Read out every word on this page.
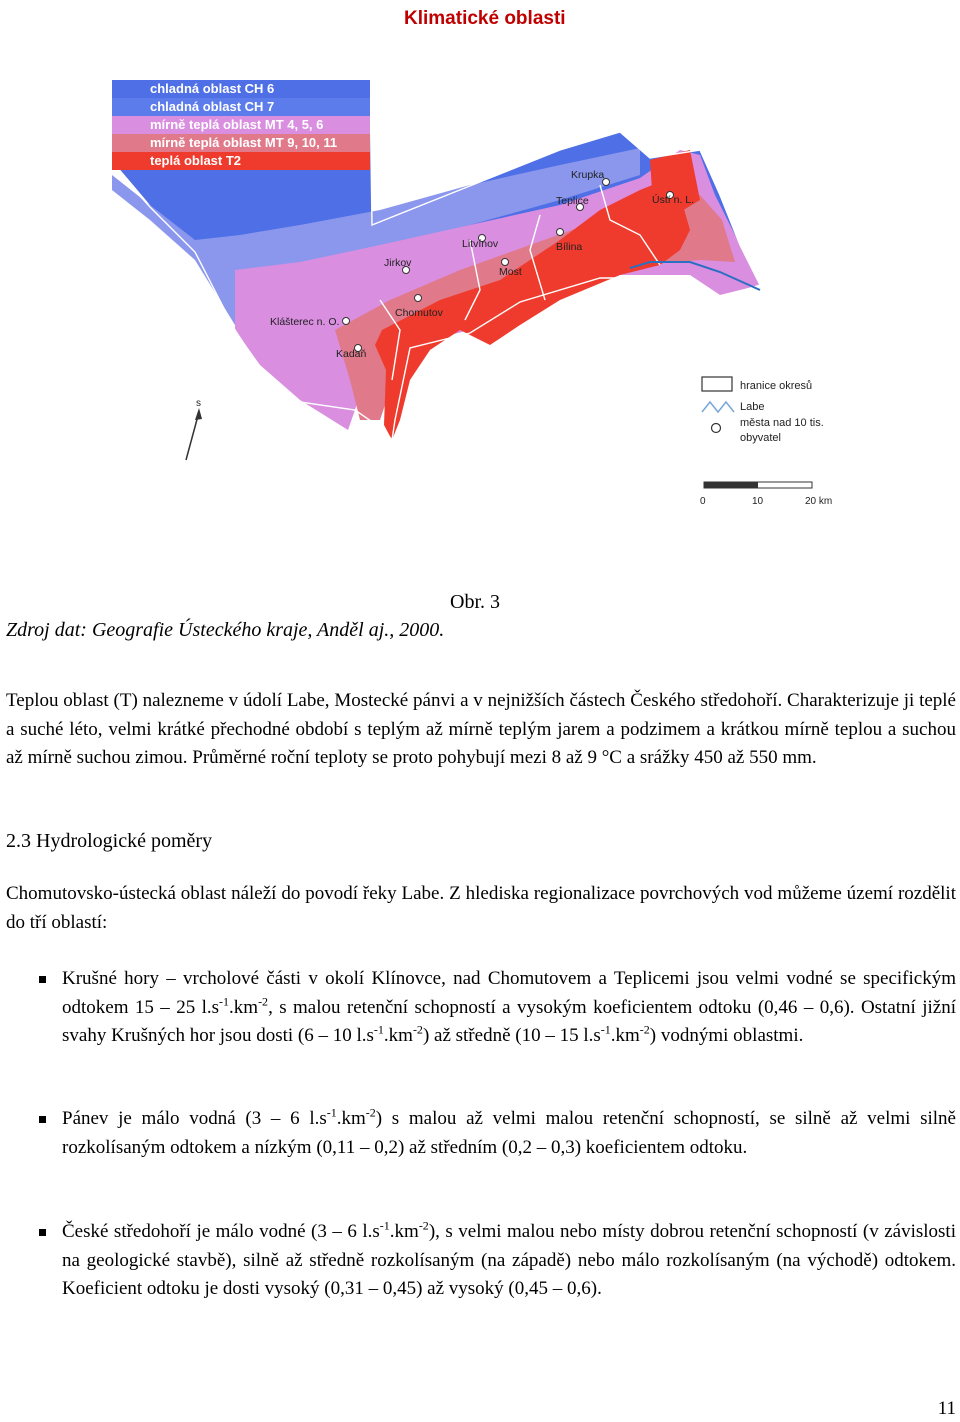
Klimatické oblasti
Krupka
Teplice	Ústí n. L.
Litvínov	Bílina
Jirkov
Most
Chomutov
Klášterec n. O.
Kadaň
chladná oblast CH 6
chladná oblast CH 7
mírně teplá oblast MT 4, 5, 6
mírně teplá oblast MT 9, 10, 11
teplá oblast T2
s
hranice okresů
Labe
města nad 10 tis.
obyvatel
0	10	20 km
Obr. 3
Zdroj dat: Geografie Ústeckého kraje, Anděl aj., 2000.

Teplou oblast (T) nalezneme v údolí Labe, Mostecké pánvi a v nejnižších částech Českého středohoří. Charakterizuje ji teplé a suché léto, velmi krátké přechodné období s teplým až mírně teplým jarem a podzimem a krátkou mírně teplou a suchou až mírně suchou zimou. Průměrné roční teploty se proto pohybují mezi 8 až 9 °C a srážky 450 až 550 mm.

2.3 Hydrologické poměry

Chomutovsko-ústecká oblast náleží do povodí řeky Labe. Z hlediska regionalizace povrchových vod můžeme území rozdělit do tří oblastí:

Krušné hory – vrcholové části v okolí Klínovce, nad Chomutovem a Teplicemi jsou velmi vodné se specifickým odtokem 15 – 25 $l.s^{-1}.km^{-2}$, s malou retenční schopností a vysokým koeficientem odtoku (0,46 – 0,6). Ostatní jižní svahy Krušných hor jsou dosti (6 – 10 $l.s^{-1}.km^{-2}$) až středně (10 – 15 $l.s^{-1}.km^{-2}$) vodnými oblastmi.

Pánev je málo vodná (3 – 6 $l.s^{-1}.km^{-2}$) s malou až velmi malou retenční schopností, se silně až velmi silně rozkolísaným odtokem a nízkým (0,11 – 0,2) až středním (0,2 – 0,3) koeficientem odtoku.

České středohoří je málo vodné (3 – 6 $l.s^{-1}.km^{-2}$), s velmi malou nebo místy dobrou retenční schopností (v závislosti na geologické stavbě), silně až středně rozkolísaným (na západě) nebo málo rozkolísaným (na východě) odtokem. Koeficient odtoku je dosti vysoký (0,31 – 0,45) až vysoký (0,45 – 0,6).

11
